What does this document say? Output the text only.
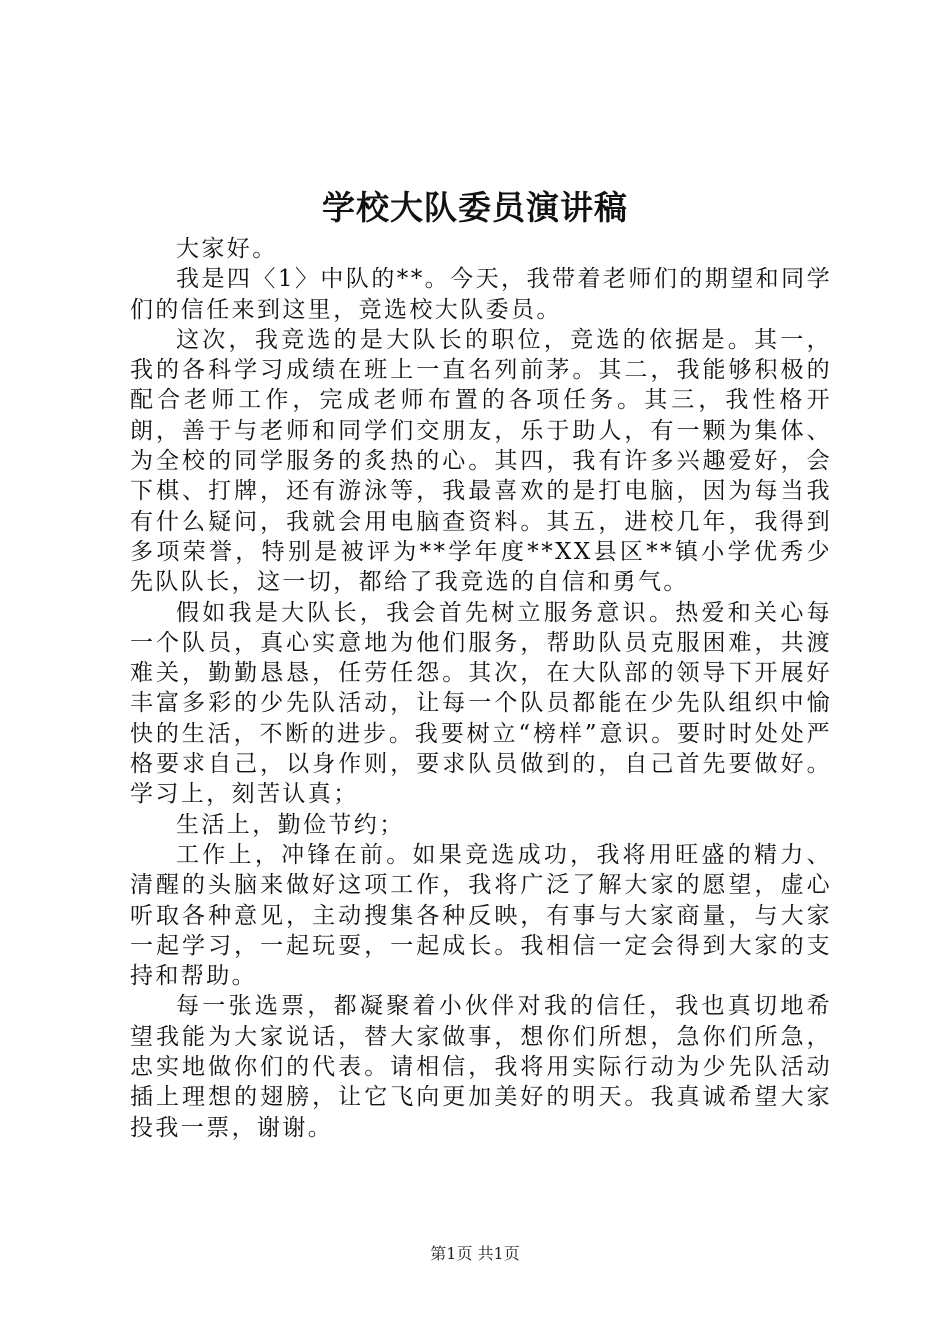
学校大队委员演讲稿

大家好。

我是四〈1〉中队的**。今天，我带着老师们的期望和同学们的信任来到这里，竞选校大队委员。

这次，我竞选的是大队长的职位，竞选的依据是。其一，我的各科学习成绩在班上一直名列前茅。其二，我能够积极的配合老师工作，完成老师布置的各项任务。其三，我性格开朗，善于与老师和同学们交朋友，乐于助人，有一颗为集体、为全校的同学服务的炙热的心。其四，我有许多兴趣爱好，会下棋、打牌，还有游泳等，我最喜欢的是打电脑，因为每当我有什么疑问，我就会用电脑查资料。其五，进校几年，我得到多项荣誉，特别是被评为**学年度**XX县区**镇小学优秀少先队队长，这一切，都给了我竞选的自信和勇气。

假如我是大队长，我会首先树立服务意识。热爱和关心每一个队员，真心实意地为他们服务，帮助队员克服困难，共渡难关，勤勤恳恳，任劳任怨。其次，在大队部的领导下开展好丰富多彩的少先队活动，让每一个队员都能在少先队组织中愉快的生活，不断的进步。我要树立“榜样”意识。要时时处处严格要求自己，以身作则，要求队员做到的，自己首先要做好。学习上，刻苦认真；

生活上，勤俭节约；

工作上，冲锋在前。如果竞选成功，我将用旺盛的精力、清醒的头脑来做好这项工作，我将广泛了解大家的愿望，虚心听取各种意见，主动搜集各种反映，有事与大家商量，与大家一起学习，一起玩耍，一起成长。我相信一定会得到大家的支持和帮助。

每一张选票，都凝聚着小伙伴对我的信任，我也真切地希望我能为大家说话，替大家做事，想你们所想，急你们所急，忠实地做你们的代表。请相信，我将用实际行动为少先队活动插上理想的翅膀，让它飞向更加美好的明天。我真诚希望大家投我一票，谢谢。

第1页 共1页
